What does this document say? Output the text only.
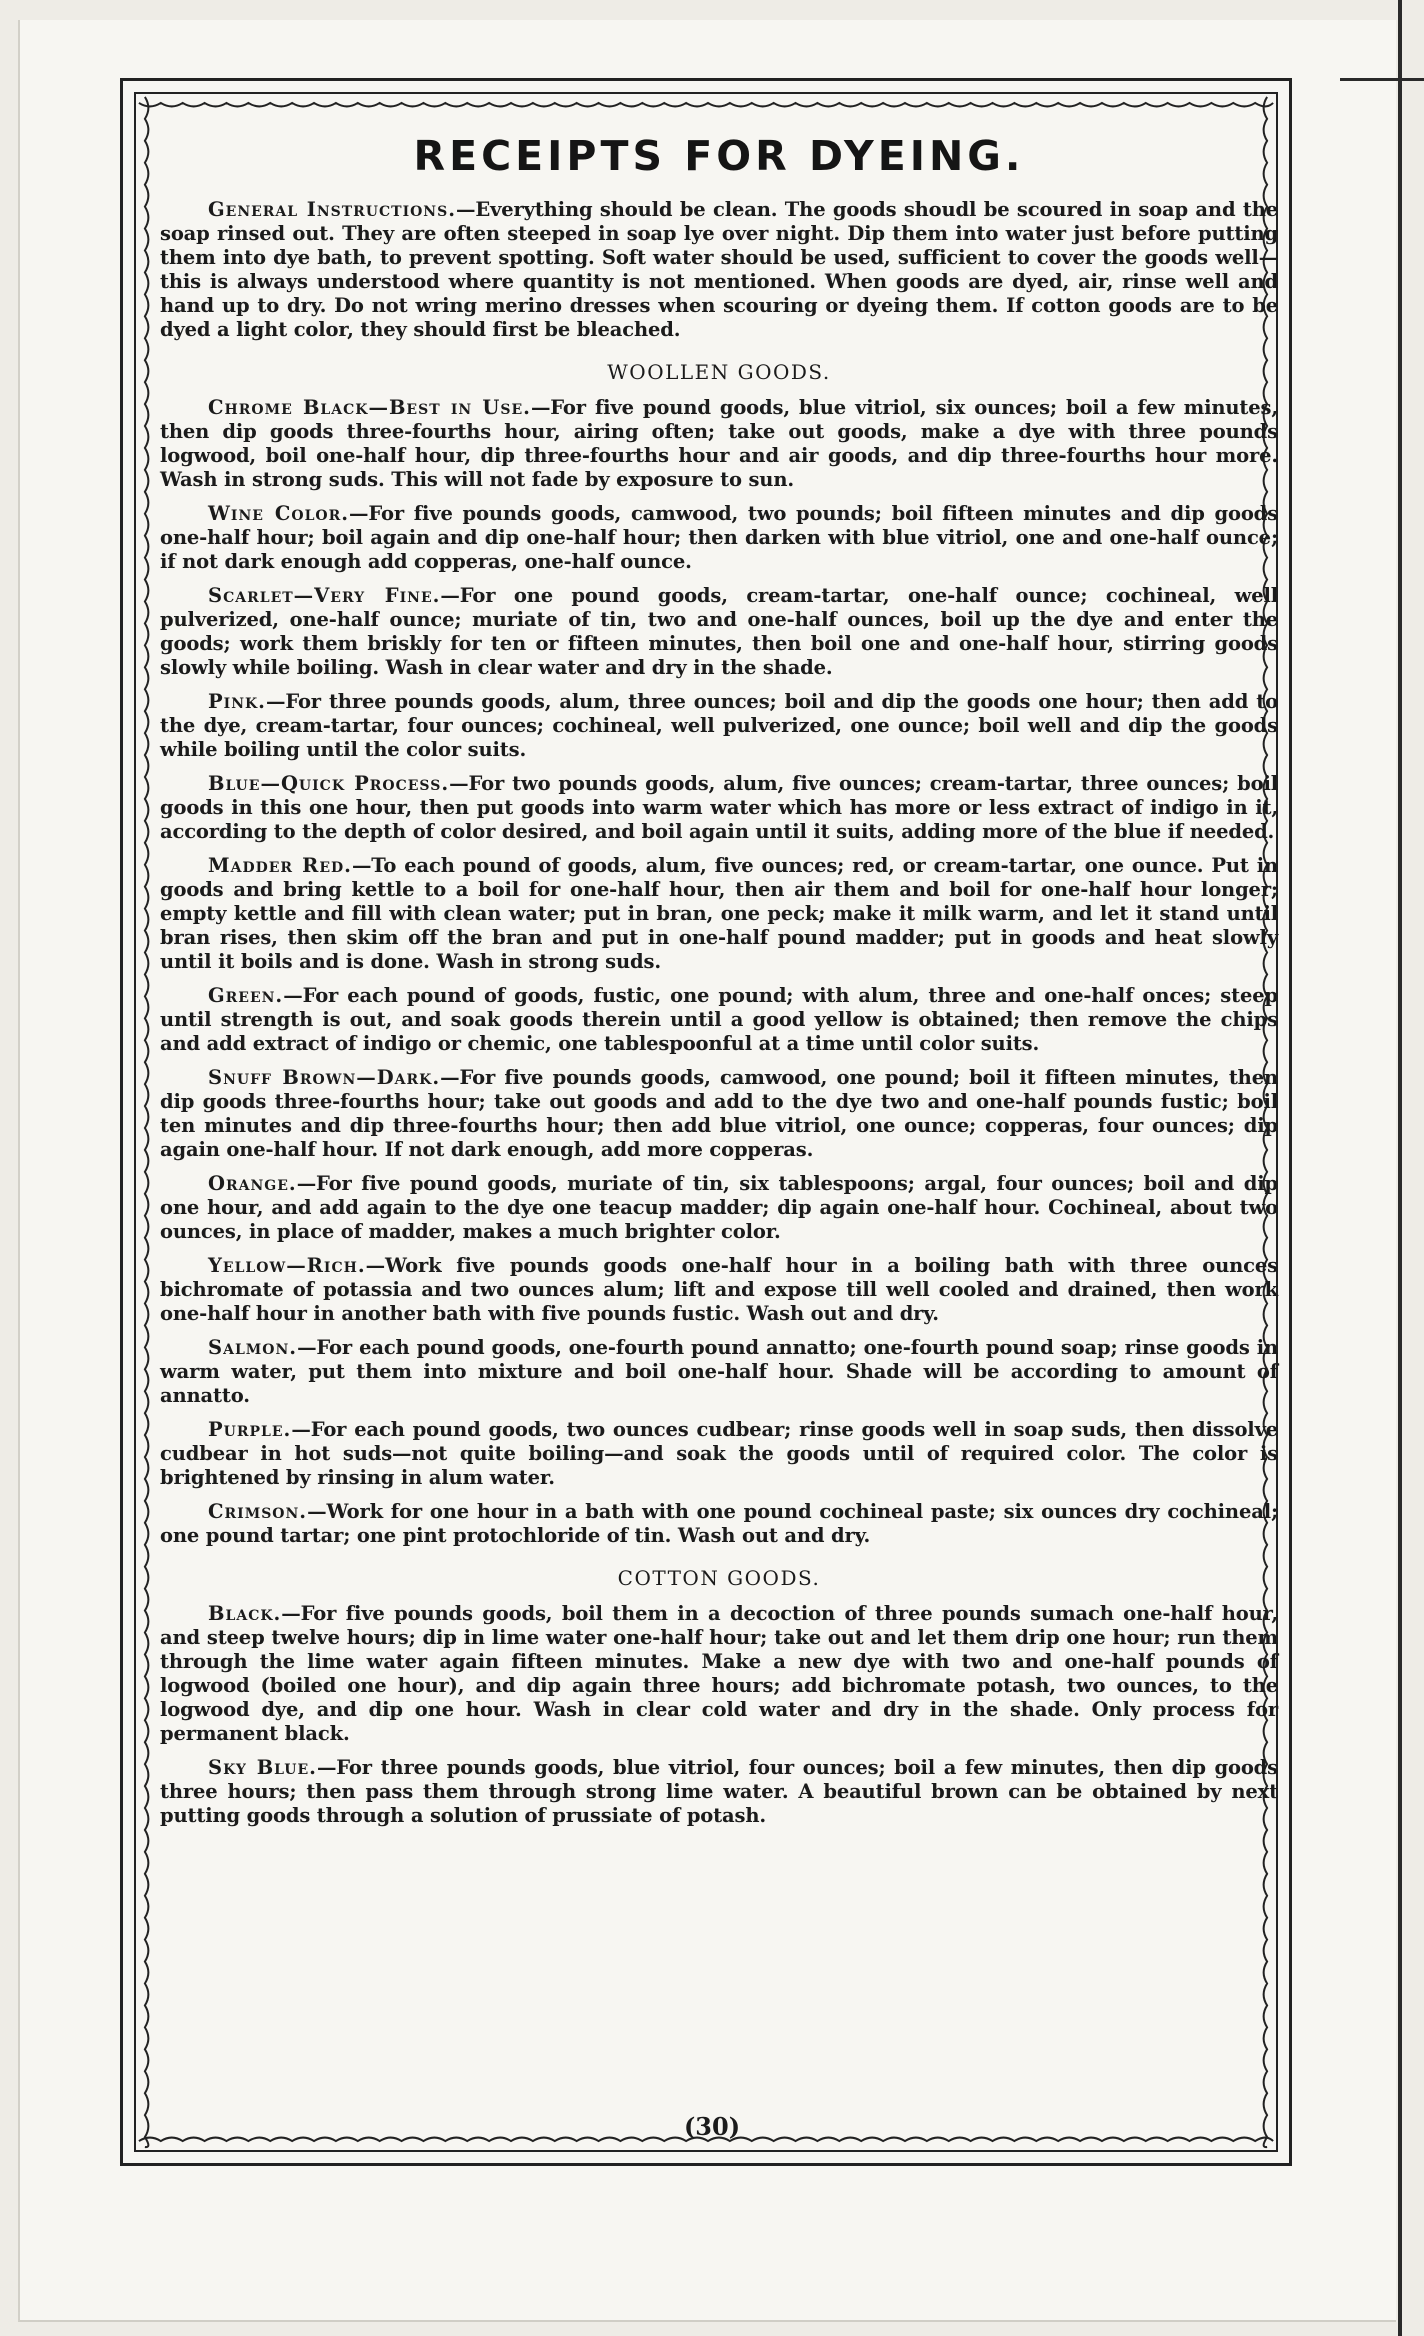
RECEIPTS FOR DYEING.

General Instructions.—Everything should be clean. The goods shoudl be scoured in soap and the soap rinsed out. They are often steeped in soap lye over night. Dip them into water just before putting them into dye bath, to prevent spotting. Soft water should be used, sufficient to cover the goods well—this is always understood where quantity is not mentioned. When goods are dyed, air, rinse well and hand up to dry. Do not wring merino dresses when scouring or dyeing them. If cotton goods are to be dyed a light color, they should first be bleached.

WOOLLEN GOODS.

Chrome Black—Best in Use.—For five pound goods, blue vitriol, six ounces; boil a few minutes, then dip goods three-fourths hour, airing often; take out goods, make a dye with three pounds logwood, boil one-half hour, dip three-fourths hour and air goods, and dip three-fourths hour more. Wash in strong suds. This will not fade by exposure to sun.

Wine Color.—For five pounds goods, camwood, two pounds; boil fifteen minutes and dip goods one-half hour; boil again and dip one-half hour; then darken with blue vitriol, one and one-half ounce; if not dark enough add copperas, one-half ounce.

Scarlet—Very Fine.—For one pound goods, cream-tartar, one-half ounce; cochineal, well pulverized, one-half ounce; muriate of tin, two and one-half ounces, boil up the dye and enter the goods; work them briskly for ten or fifteen minutes, then boil one and one-half hour, stirring goods slowly while boiling. Wash in clear water and dry in the shade.

Pink.—For three pounds goods, alum, three ounces; boil and dip the goods one hour; then add to the dye, cream-tartar, four ounces; cochineal, well pulverized, one ounce; boil well and dip the goods while boiling until the color suits.

Blue—Quick Process.—For two pounds goods, alum, five ounces; cream-tartar, three ounces; boil goods in this one hour, then put goods into warm water which has more or less extract of indigo in it, according to the depth of color desired, and boil again until it suits, adding more of the blue if needed.

Madder Red.—To each pound of goods, alum, five ounces; red, or cream-tartar, one ounce. Put in goods and bring kettle to a boil for one-half hour, then air them and boil for one-half hour longer; empty kettle and fill with clean water; put in bran, one peck; make it milk warm, and let it stand until bran rises, then skim off the bran and put in one-half pound madder; put in goods and heat slowly until it boils and is done. Wash in strong suds.

Green.—For each pound of goods, fustic, one pound; with alum, three and one-half onces; steep until strength is out, and soak goods therein until a good yellow is obtained; then remove the chips and add extract of indigo or chemic, one tablespoonful at a time until color suits.

Snuff Brown—Dark.—For five pounds goods, camwood, one pound; boil it fifteen minutes, then dip goods three-fourths hour; take out goods and add to the dye two and one-half pounds fustic; boil ten minutes and dip three-fourths hour; then add blue vitriol, one ounce; copperas, four ounces; dip again one-half hour. If not dark enough, add more copperas.

Orange.—For five pound goods, muriate of tin, six tablespoons; argal, four ounces; boil and dip one hour, and add again to the dye one teacup madder; dip again one-half hour. Cochineal, about two ounces, in place of madder, makes a much brighter color.

Yellow—Rich.—Work five pounds goods one-half hour in a boiling bath with three ounces bichromate of potassia and two ounces alum; lift and expose till well cooled and drained, then work one-half hour in another bath with five pounds fustic. Wash out and dry.

Salmon.—For each pound goods, one-fourth pound annatto; one-fourth pound soap; rinse goods in warm water, put them into mixture and boil one-half hour. Shade will be according to amount of annatto.

Purple.—For each pound goods, two ounces cudbear; rinse goods well in soap suds, then dissolve cudbear in hot suds—not quite boiling—and soak the goods until of required color. The color is brightened by rinsing in alum water.

Crimson.—Work for one hour in a bath with one pound cochineal paste; six ounces dry cochineal; one pound tartar; one pint protochloride of tin. Wash out and dry.

COTTON GOODS.

Black.—For five pounds goods, boil them in a decoction of three pounds sumach one-half hour, and steep twelve hours; dip in lime water one-half hour; take out and let them drip one hour; run them through the lime water again fifteen minutes. Make a new dye with two and one-half pounds of logwood (boiled one hour), and dip again three hours; add bichromate potash, two ounces, to the logwood dye, and dip one hour. Wash in clear cold water and dry in the shade. Only process for permanent black.

Sky Blue.—For three pounds goods, blue vitriol, four ounces; boil a few minutes, then dip goods three hours; then pass them through strong lime water. A beautiful brown can be obtained by next putting goods through a solution of prussiate of potash.

(30)
